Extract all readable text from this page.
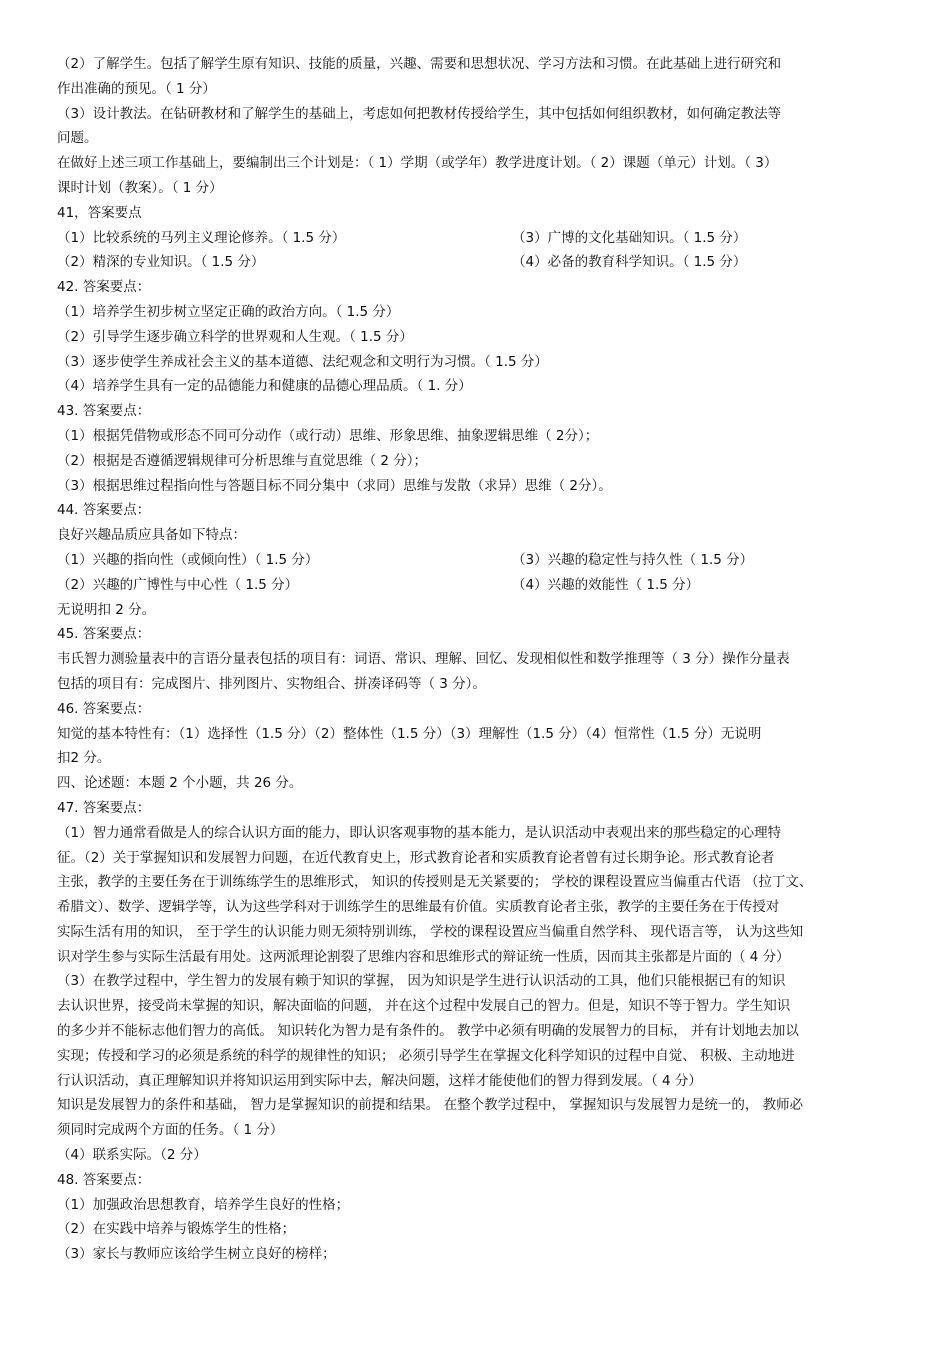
（2）了解学生。包括了解学生原有知识、技能的质量，兴趣、需要和思想状况、学习方法和习惯。在此基础上进行研究和
作出准确的预见。（ 1 分）
（3）设计教法。在钻研教材和了解学生的基础上，考虑如何把教材传授给学生，其中包括如何组织教材，如何确定教法等
问题。
在做好上述三项工作基础上，要编制出三个计划是：（ 1）学期（或学年）教学进度计划。（ 2）课题（单元）计划。（ 3）
课时计划（教案）。（ 1 分）
41，答案要点
（1）比较系统的马列主义理论修养。（ 1.5 分）	（3）广博的文化基础知识。（ 1.5 分）
（2）精深的专业知识。（ 1.5 分）	（4）必备的教育科学知识。（ 1.5 分）
42. 答案要点：
（1）培养学生初步树立坚定正确的政治方向。（ 1.5 分）
（2）引导学生逐步确立科学的世界观和人生观。（ 1.5 分）
（3）逐步使学生养成社会主义的基本道德、法纪观念和文明行为习惯。（ 1.5 分）
（4）培养学生具有一定的品德能力和健康的品德心理品质。（ 1. 分）
43. 答案要点：
（1）根据凭借物或形态不同可分动作（或行动）思维、形象思维、抽象逻辑思维（ 2分）；
（2）根据是否遵循逻辑规律可分析思维与直觉思维（ 2 分）；
（3）根据思维过程指向性与答题目标不同分集中（求同）思维与发散（求异）思维（ 2分）。
44. 答案要点：
良好兴趣品质应具备如下特点：
（1）兴趣的指向性（或倾向性）（ 1.5 分）	（3）兴趣的稳定性与持久性（ 1.5 分）
（2）兴趣的广博性与中心性（ 1.5 分）	（4）兴趣的效能性（ 1.5 分）
无说明扣 2 分。
45. 答案要点：
韦氏智力测验量表中的言语分量表包括的项目有：词语、常识、理解、回忆、发现相似性和数学推理等（ 3 分）操作分量表
包括的项目有：完成图片、排列图片、实物组合、拼凑译码等（ 3 分）。
46. 答案要点：
知觉的基本特性有：（1）选择性（1.5 分）（2）整体性（1.5 分）（3）理解性（1.5 分）（4）恒常性（1.5 分）无说明
扣2 分。
四、论述题：本题 2 个小题，共 26 分。
47. 答案要点：
（1）智力通常看做是人的综合认识方面的能力，即认识客观事物的基本能力，是认识活动中表观出来的那些稳定的心理特
征。（2）关于掌握知识和发展智力问题，在近代教育史上，形式教育论者和实质教育论者曾有过长期争论。形式教育论者
主张，教学的主要任务在于训练练学生的思维形式， 知识的传授则是无关紧要的； 学校的课程设置应当偏重古代语 （拉丁文、
希腊文）、数学、逻辑学等，认为这些学科对于训练学生的思维最有价值。实质教育论者主张，教学的主要任务在于传授对
实际生活有用的知识， 至于学生的认识能力则无须特别训练， 学校的课程设置应当偏重自然学科、 现代语言等， 认为这些知
识对学生参与实际生活最有用处。这两派理论割裂了思维内容和思维形式的辩证统一性质，因而其主张都是片面的（ 4 分）
（3）在教学过程中，学生智力的发展有赖于知识的掌握， 因为知识是学生进行认识活动的工具，他们只能根据已有的知识
去认识世界，接受尚未掌握的知识，解决面临的问题， 并在这个过程中发展自己的智力。但是，知识不等于智力。学生知识
的多少并不能标志他们智力的高低。 知识转化为智力是有条件的。 教学中必须有明确的发展智力的目标， 并有计划地去加以
实现；传授和学习的必须是系统的科学的规律性的知识； 必须引导学生在掌握文化科学知识的过程中自觉、 积极、主动地进
行认识活动，真正理解知识并将知识运用到实际中去，解决问题，这样才能使他们的智力得到发展。（ 4 分）
知识是发展智力的条件和基础， 智力是掌握知识的前提和结果。 在整个教学过程中， 掌握知识与发展智力是统一的， 教师必
须同时完成两个方面的任务。（ 1 分）
（4）联系实际。（2 分）
48. 答案要点：
（1）加强政治思想教育，培养学生良好的性格；
（2）在实践中培养与锻炼学生的性格；
（3）家长与教师应该给学生树立良好的榜样；
